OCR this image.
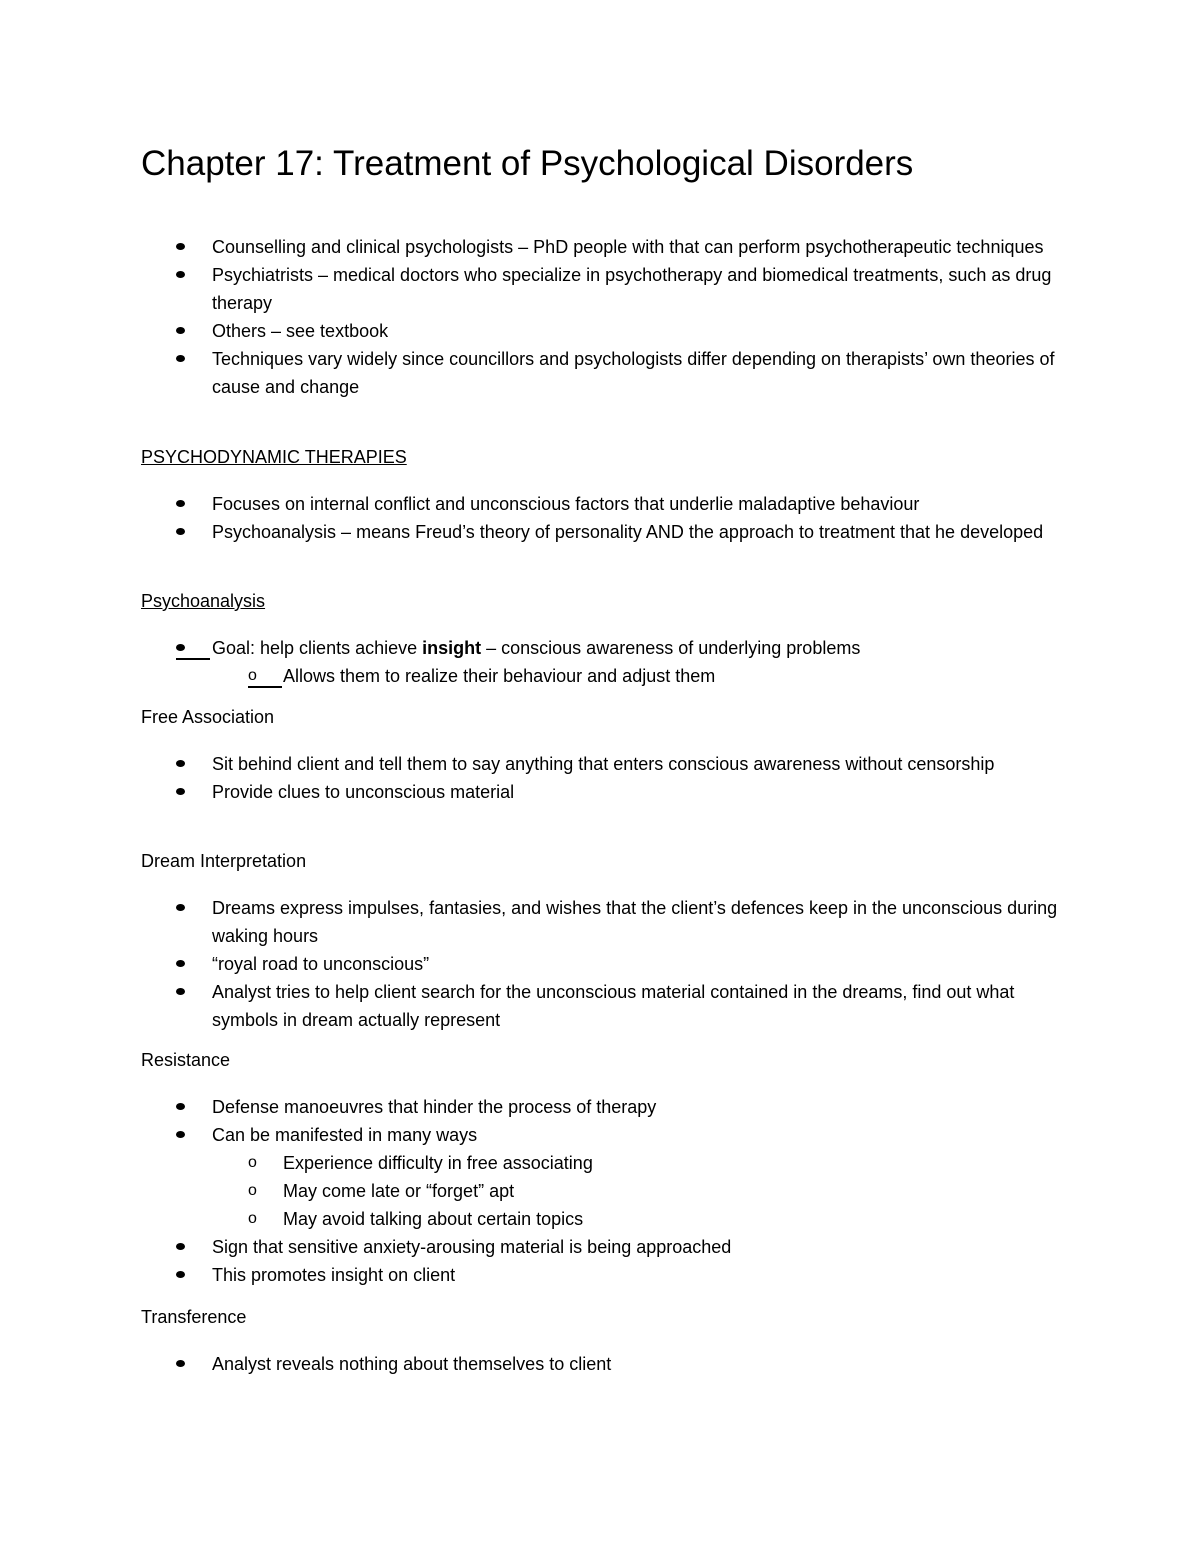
Chapter 17: Treatment of Psychological Disorders
Counselling and clinical psychologists – PhD people with that can perform psychotherapeutic techniques
Psychiatrists – medical doctors who specialize in psychotherapy and biomedical treatments, such as drug therapy
Others – see textbook
Techniques vary widely since councillors and psychologists differ depending on therapists’ own theories of cause and change
PSYCHODYNAMIC THERAPIES
Focuses on internal conflict and unconscious factors that underlie maladaptive behaviour
Psychoanalysis – means Freud’s theory of personality AND the approach to treatment that he developed
Psychoanalysis
Goal: help clients achieve insight – conscious awareness of underlying problems
o	Allows them to realize their behaviour and adjust them
Free Association
Sit behind client and tell them to say anything that enters conscious awareness without censorship
Provide clues to unconscious material
Dream Interpretation
Dreams express impulses, fantasies, and wishes that the client’s defences keep in the unconscious during waking hours
“royal road to unconscious”
Analyst tries to help client search for the unconscious material contained in the dreams, find out what symbols in dream actually represent
Resistance
Defense manoeuvres that hinder the process of therapy
Can be manifested in many ways
o Experience difficulty in free associating
o May come late or “forget” apt
o May avoid talking about certain topics
Sign that sensitive anxiety-arousing material is being approached
This promotes insight on client
Transference
Analyst reveals nothing about themselves to client
